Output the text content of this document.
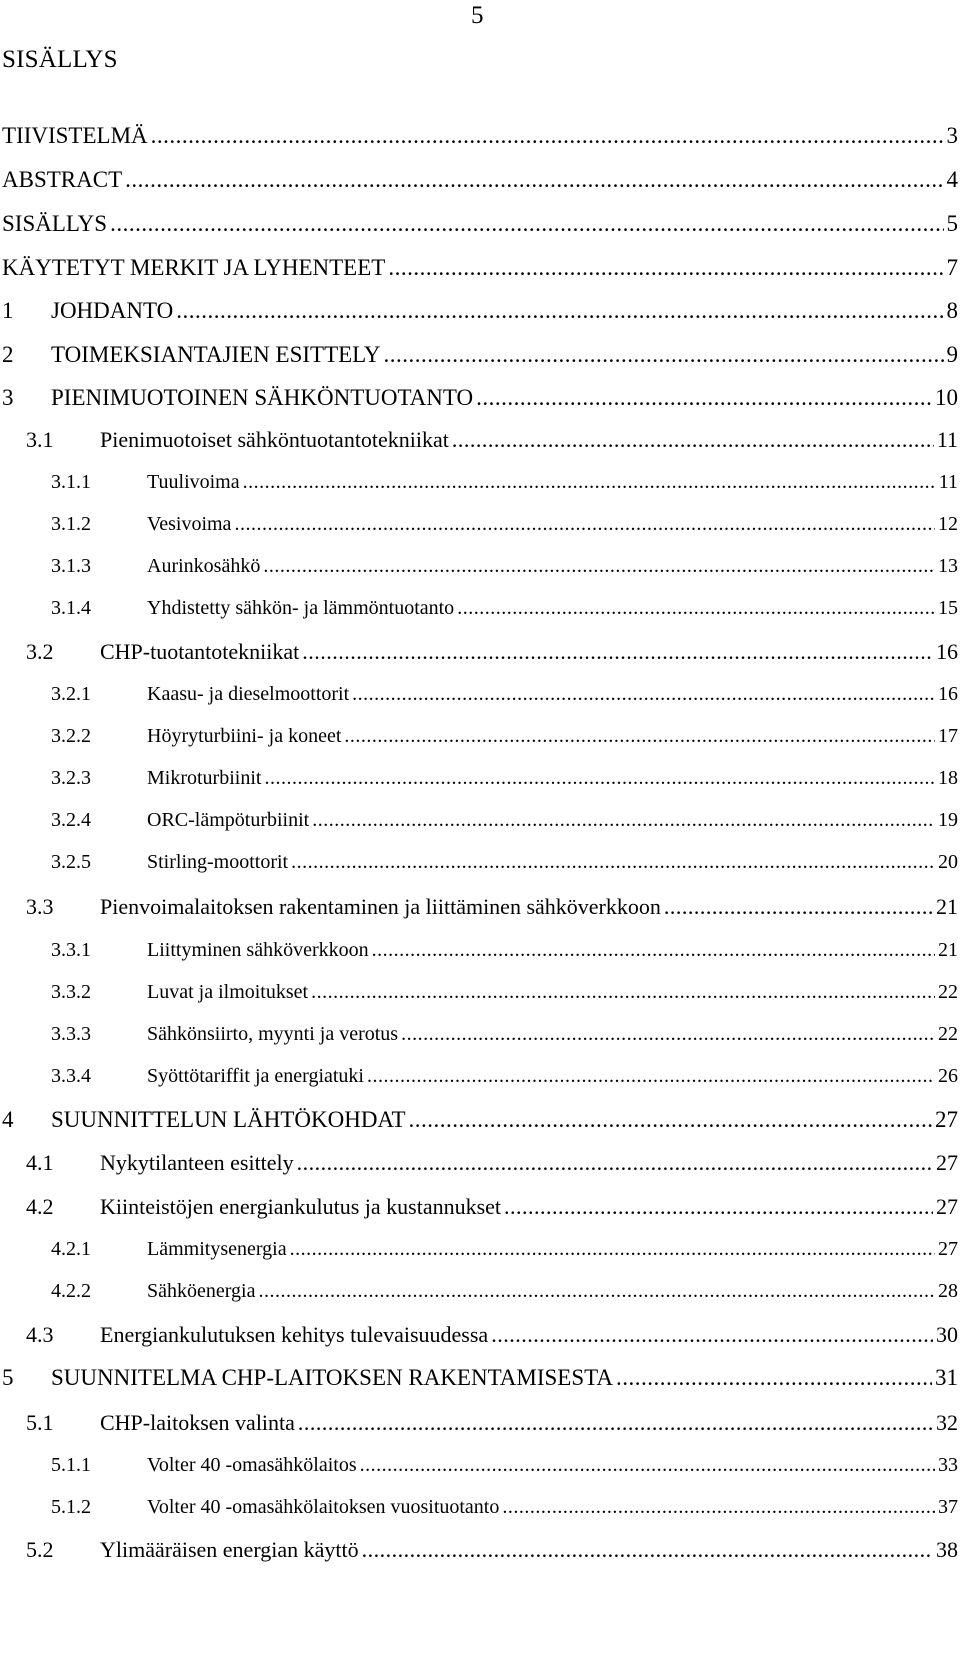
5
SISÄLLYS
TIIVISTELMÄ .....	3
ABSTRACT .....	4
SISÄLLYS .....	5
KÄYTETYT MERKIT JA LYHENTEET .....	7
1	JOHDANTO .....	8
2	TOIMEKSIANTAJIEN ESITTELY .....	9
3	PIENIMUOTOINEN SÄHKÖNTUOTANTO .....	10
3.1	Pienimuotoiset sähköntuotantotekniikat .....	11
3.1.1	Tuulivoima .....	11
3.1.2	Vesivoima .....	12
3.1.3	Aurinkosähkö .....	13
3.1.4	Yhdistetty sähkön- ja lämmöntuotanto .....	15
3.2	CHP-tuotantotekniikat .....	16
3.2.1	Kaasu- ja dieselmoottorit .....	16
3.2.2	Höyryturbiini- ja koneet .....	17
3.2.3	Mikroturbiinit .....	18
3.2.4	ORC-lämpöturbiinit .....	19
3.2.5	Stirling-moottorit .....	20
3.3	Pienvoimalaitoksen rakentaminen ja liittäminen sähköverkkoon .....	21
3.3.1	Liittyminen sähköverkkoon .....	21
3.3.2	Luvat ja ilmoitukset .....	22
3.3.3	Sähkönsiirto, myynti ja verotus .....	22
3.3.4	Syöttötariffit ja energiatuki .....	26
4	SUUNNITTELUN LÄHTÖKOHDAT .....	27
4.1	Nykytilanteen esittely .....	27
4.2	Kiinteistöjen energiankulutus ja kustannukset .....	27
4.2.1	Lämmitysenergia .....	27
4.2.2	Sähköenergia .....	28
4.3	Energiankulutuksen kehitys tulevaisuudessa .....	30
5	SUUNNITELMA CHP-LAITOKSEN RAKENTAMISESTA .....	31
5.1	CHP-laitoksen valinta .....	32
5.1.1	Volter 40 -omasähkölaitos .....	33
5.1.2	Volter 40 -omasähkölaitoksen vuosituotanto .....	37
5.2	Ylimääräisen energian käyttö .....	38
